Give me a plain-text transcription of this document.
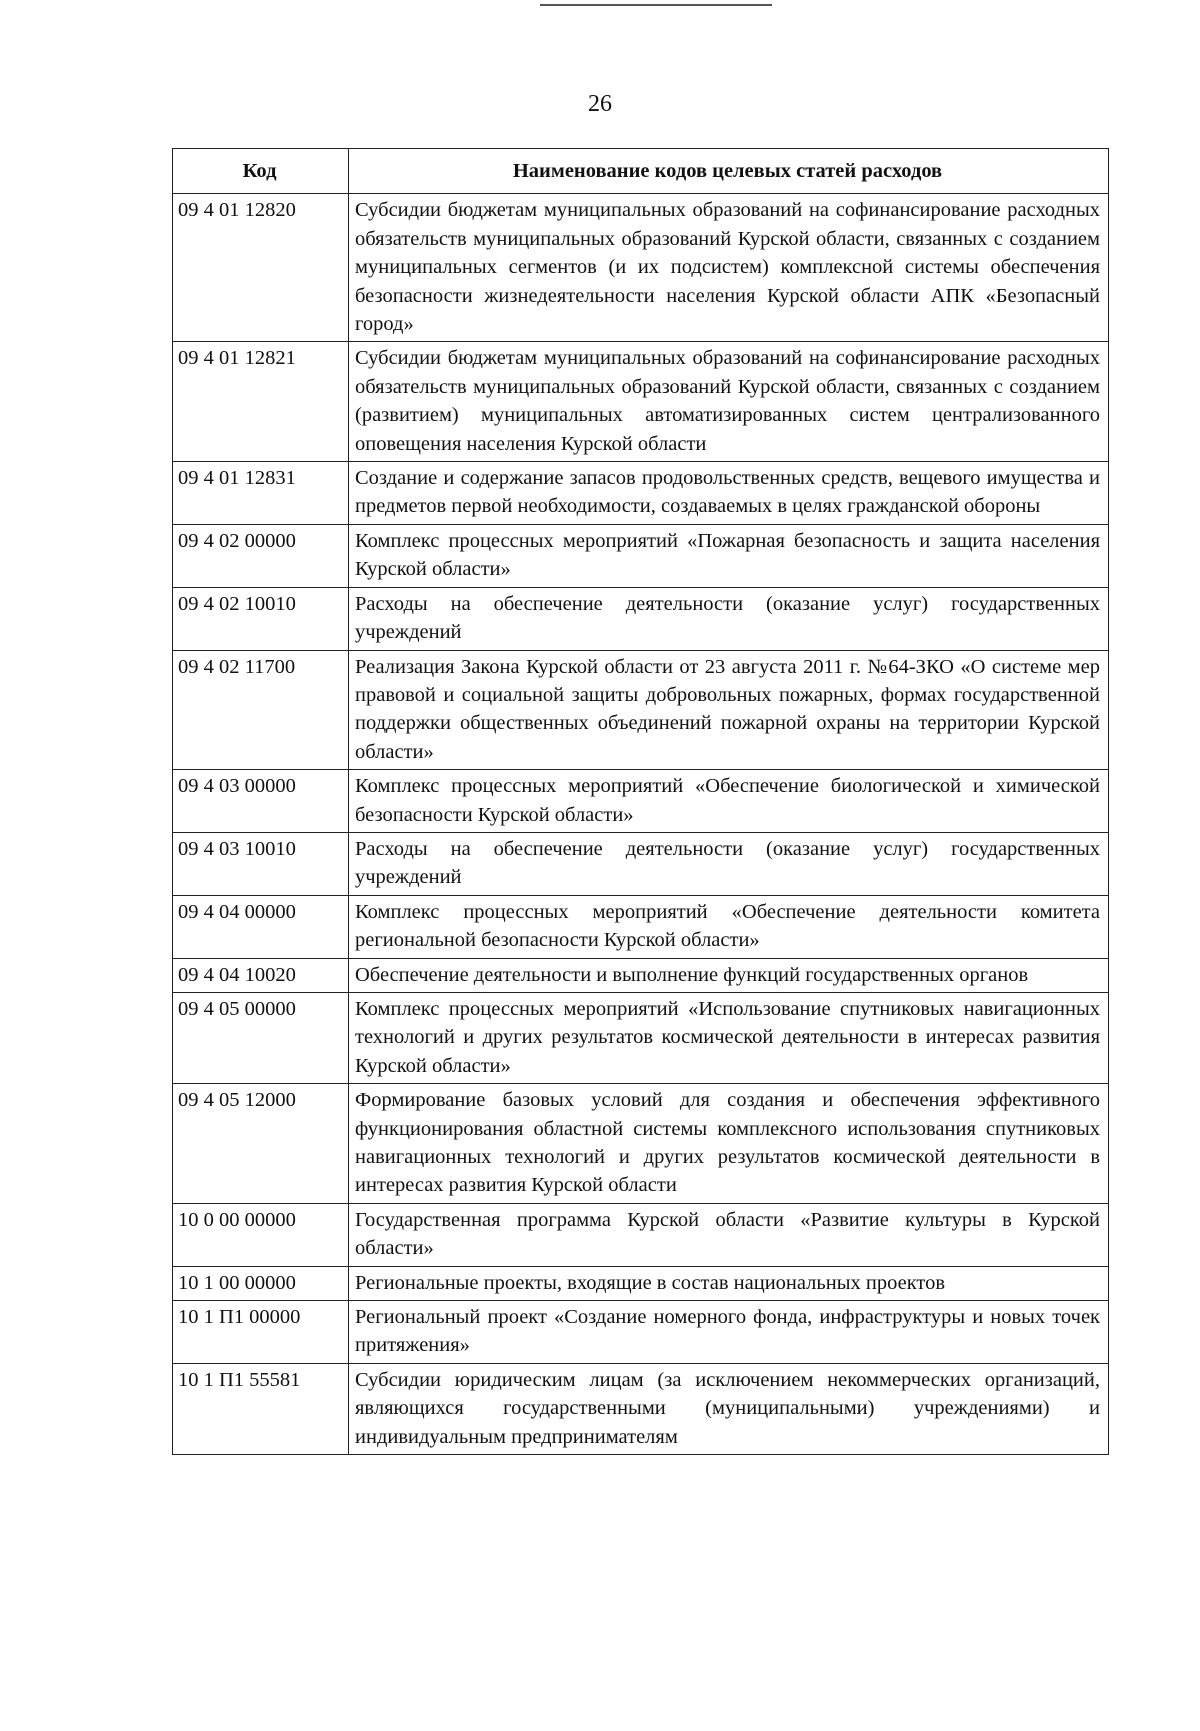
26
Код	Наименование кодов целевых статей расходов
09 4 01 12820	Субсидии бюджетам муниципальных образований на софинансирование расходных обязательств муниципальных образований Курской области, связанных с созданием муниципальных сегментов (и их подсистем) комплексной системы обеспечения безопасности жизнедеятельности населения Курской области АПК «Безопасный город»
09 4 01 12821	Субсидии бюджетам муниципальных образований на софинансирование расходных обязательств муниципальных образований Курской области, связанных с созданием (развитием) муниципальных автоматизированных систем централизованного оповещения населения Курской области
09 4 01 12831	Создание и содержание запасов продовольственных средств, вещевого имущества и предметов первой необходимости, создаваемых в целях гражданской обороны
09 4 02 00000	Комплекс процессных мероприятий «Пожарная безопасность и защита населения Курской области»
09 4 02 10010	Расходы на обеспечение деятельности (оказание услуг) государственных учреждений
09 4 02 11700	Реализация Закона Курской области от 23 августа 2011 г. №64-ЗКО «О системе мер правовой и социальной защиты добровольных пожарных, формах государственной поддержки общественных объединений пожарной охраны на территории Курской области»
09 4 03 00000	Комплекс процессных мероприятий «Обеспечение биологической и химической безопасности Курской области»
09 4 03 10010	Расходы на обеспечение деятельности (оказание услуг) государственных учреждений
09 4 04 00000	Комплекс процессных мероприятий «Обеспечение деятельности комитета региональной безопасности Курской области»
09 4 04 10020	Обеспечение деятельности и выполнение функций государственных органов
09 4 05 00000	Комплекс процессных мероприятий «Использование спутниковых навигационных технологий и других результатов космической деятельности в интересах развития Курской области»
09 4 05 12000	Формирование базовых условий для создания и обеспечения эффективного функционирования областной системы комплексного использования спутниковых навигационных технологий и других результатов космической деятельности в интересах развития Курской области
10 0 00 00000	Государственная программа Курской области «Развитие культуры в Курской области»
10 1 00 00000	Региональные проекты, входящие в состав национальных проектов
10 1 П1 00000	Региональный проект «Создание номерного фонда, инфраструктуры и новых точек притяжения»
10 1 П1 55581	Субсидии юридическим лицам (за исключением некоммерческих организаций, являющихся государственными (муниципальными) учреждениями) и индивидуальным предпринимателям
